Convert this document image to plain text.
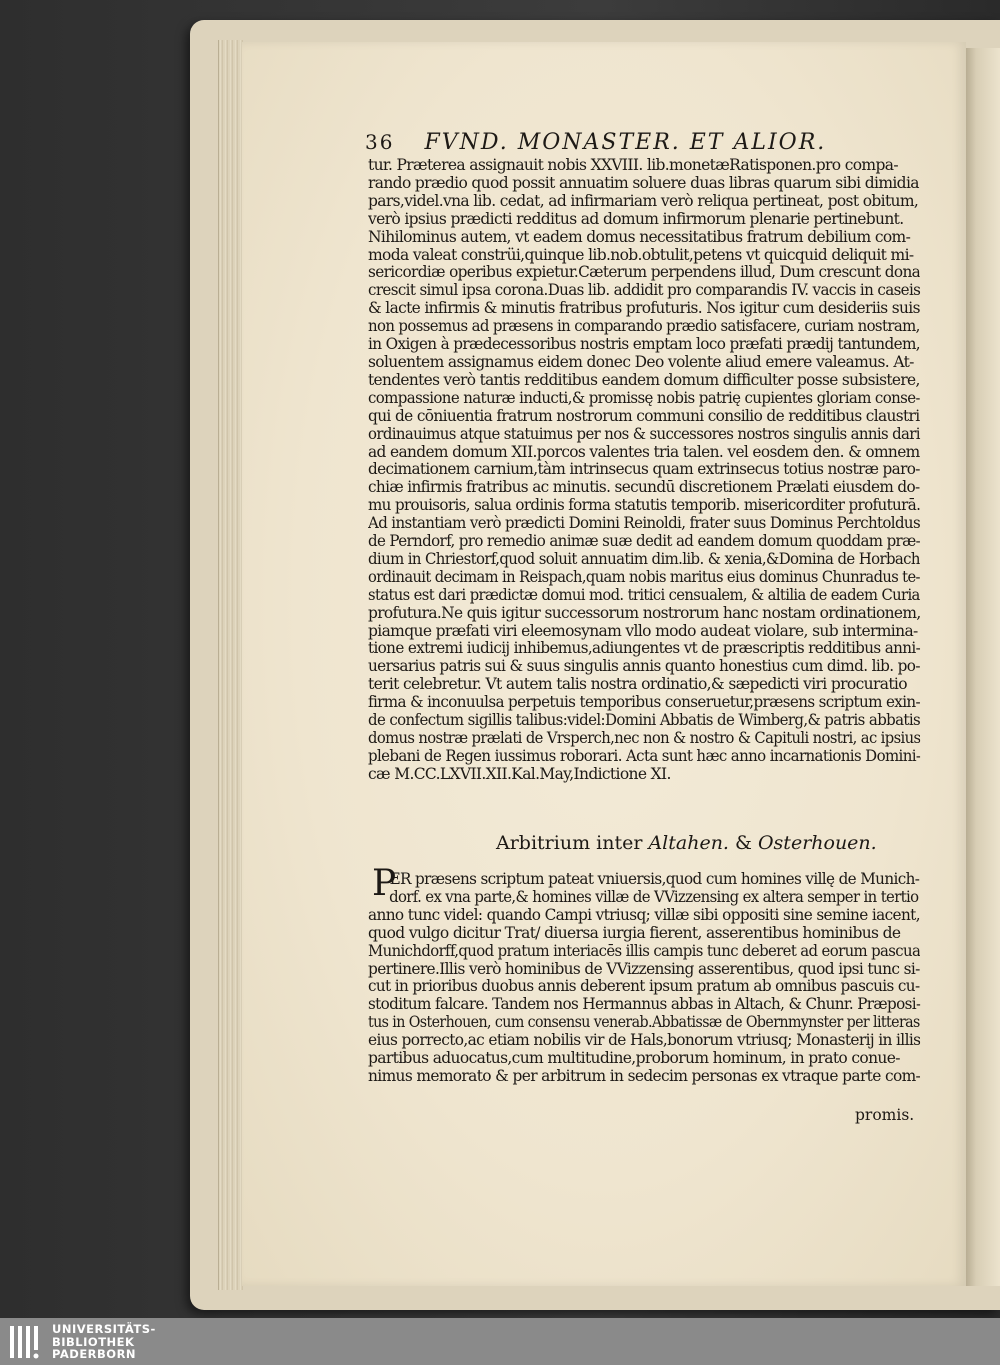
36 FVND. MONASTER. ET ALIOR.
tur. Præterea assignauit nobis XXVIII. lib.monetæRatisponen.pro compa-
rando prædio quod possit annuatim soluere duas libras quarum sibi dimidia
pars,videl.vna lib. cedat, ad infirmariam verò reliqua pertineat, post obitum,
verò ipsius prædicti redditus ad domum infirmorum plenarie pertinebunt.
Nihilominus autem, vt eadem domus necessitatibus fratrum debilium com-
moda valeat constrüi,quinque lib.nob.obtulit,petens vt quicquid deliquit mi-
sericordiæ operibus expietur.Cæterum perpendens illud, Dum crescunt dona
crescit simul ipsa corona.Duas lib. addidit pro comparandis IV. vaccis in caseis
& lacte infirmis & minutis fratribus profuturis. Nos igitur cum desideriis suis
non possemus ad præsens in comparando prædio satisfacere, curiam nostram,
in Oxigen à prædecessoribus nostris emptam loco præfati prædij tantundem,
soluentem assignamus eidem donec Deo volente aliud emere valeamus. At-
tendentes verò tantis redditibus eandem domum difficulter posse subsistere,
compassione naturæ inducti,& promissę nobis patrię cupientes gloriam conse-
qui de cōniuentia fratrum nostrorum communi consilio de redditibus claustri
ordinauimus atque statuimus per nos & successores nostros singulis annis dari
ad eandem domum XII.porcos valentes tria talen. vel eosdem den. & omnem
decimationem carnium,tàm intrinsecus quam extrinsecus totius nostræ paro-
chiæ infirmis fratribus ac minutis. secundū discretionem Prælati eiusdem do-
mu prouisoris, salua ordinis forma statutis temporib. misericorditer profuturā.
Ad instantiam verò prædicti Domini Reinoldi, frater suus Dominus Perchtoldus
de Perndorf, pro remedio animæ suæ dedit ad eandem domum quoddam præ-
dium in Chriestorf,quod soluit annuatim dim.lib. & xenia,&Domina de Horbach
ordinauit decimam in Reispach,quam nobis maritus eius dominus Chunradus te-
status est dari prædictæ domui mod. tritici censualem, & altilia de eadem Curia
profutura.Ne quis igitur successorum nostrorum hanc nostam ordinationem,
piamque præfati viri eleemosynam vllo modo audeat violare, sub intermina-
tione extremi iudicij inhibemus,adiungentes vt de præscriptis redditibus anni-
uersarius patris sui & suus singulis annis quanto honestius cum dimd. lib. po-
terit celebretur. Vt autem talis nostra ordinatio,& sæpedicti viri procuratio
firma & inconuulsa perpetuis temporibus conseruetur,præsens scriptum exin-
de confectum sigillis talibus:videl:Domini Abbatis de Wimberg,& patris abbatis
domus nostræ prælati de Vrsperch,nec non & nostro & Capituli nostri, ac ipsius
plebani de Regen iussimus roborari. Acta sunt hæc anno incarnationis Domini-
cæ M.CC.LXVII.XII.Kal.May,Indictione XI.
Arbitrium inter Altahen. & Osterhouen.
P
ER præsens scriptum pateat vniuersis,quod cum homines villę de Munich-
dorf. ex vna parte,& homines villæ de VVizzensing ex altera semper in tertio
anno tunc videl: quando Campi vtriusq; villæ sibi oppositi sine semine iacent,
quod vulgo dicitur Trat/ diuersa iurgia fierent, asserentibus hominibus de
Munichdorff,quod pratum interiacēs illis campis tunc deberet ad eorum pascua
pertinere.Illis verò hominibus de VVizzensing asserentibus, quod ipsi tunc si-
cut in prioribus duobus annis deberent ipsum pratum ab omnibus pascuis cu-
stoditum falcare. Tandem nos Hermannus abbas in Altach, & Chunr. Præposi-
tus in Osterhouen, cum consensu venerab.Abbatissæ de Obernmynster per litteras
eius porrecto,ac etiam nobilis vir de Hals,bonorum vtriusq; Monasterij in illis
partibus aduocatus,cum multitudine,proborum hominum, in prato conue-
nimus memorato & per arbitrum in sedecim personas ex vtraque parte com-
promis.
UNIVERSITÄTS-
BIBLIOTHEK
PADERBORN
